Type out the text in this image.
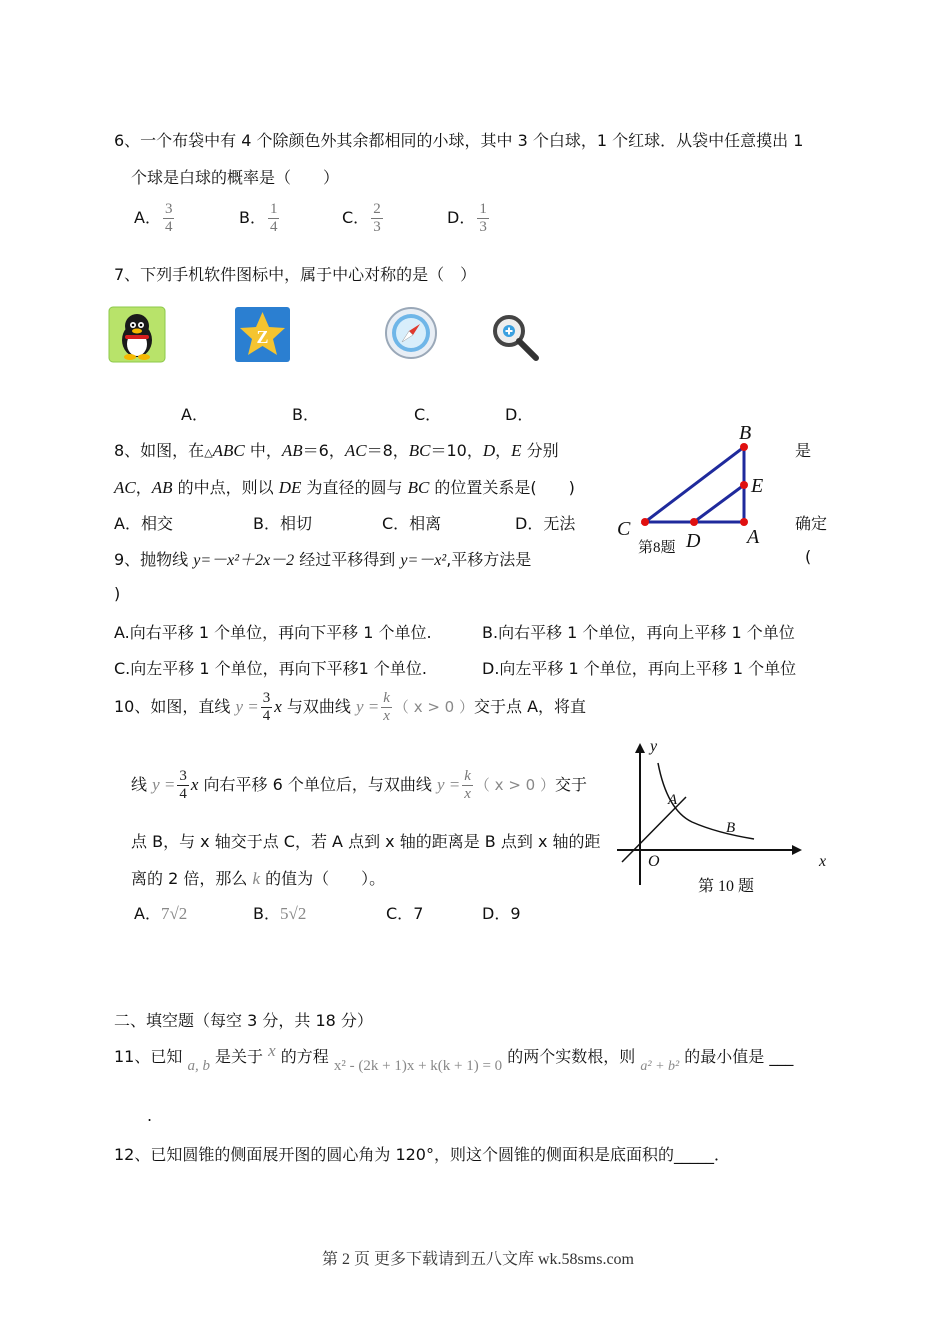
6、一个布袋中有 4 个除颜色外其余都相同的小球，其中 3 个白球，1 个红球．从袋中任意摸出 1
个球是白球的概率是（　　）
A． $\frac{3}{4}$	B． $\frac{1}{4}$	C． $\frac{2}{3}$	D． $\frac{1}{3}$
7、下列手机软件图标中，属于中心对称的是（　）
Z
A．	B．	C．	D．
8、如图，在△ABC 中，AB＝6，AC＝8，BC＝10，D，E 分别	是
AC，AB 的中点，则以 DE 为直径的圆与 BC 的位置关系是(　　)
A．相交	B．相切	C．相离	D．无法	确定
B
E
C
D A
第8题
9、抛物线 y=－x²＋2x－2 经过平移得到 y=－x²,平移方法是	(
)
A.向右平移 1 个单位，再向下平移 1 个单位.	B.向右平移 1 个单位，再向上平移 1 个单位
C.向左平移 1 个单位，再向下平移1 个单位.	D.向左平移 1 个单位，再向上平移 1 个单位
10、如图，直线 $y = \frac{3}{4}$ x 与双曲线 $y = \frac{k}{x}$ （ x > 0 ）交于点 A，将直
线 $y = \frac{3}{4}$ x 向右平移 6 个单位后，与双曲线 $y = \frac{k}{x}$ （ x > 0 ）交于
点 B，与 x 轴交于点 C，若 A 点到 x 轴的距离是 B 点到 x 轴的距
离的 2 倍，那么 k 的值为（　　）。
A．7√2	B．5√2	C．7	D．9
y
x
O
A
B
第 10 题
二、填空题（每空 3 分，共 18 分）
11、已知 a, b 是关于 x 的方程 x² - (2k + 1)x + k(k + 1) = 0 的两个实数根，则 a² + b² 的最小值是 ___
.
12、已知圆锥的侧面展开图的圆心角为 120°，则这个圆锥的侧面积是底面积的_____．
第 2 页 更多下载请到五八文库 wk.58sms.com
